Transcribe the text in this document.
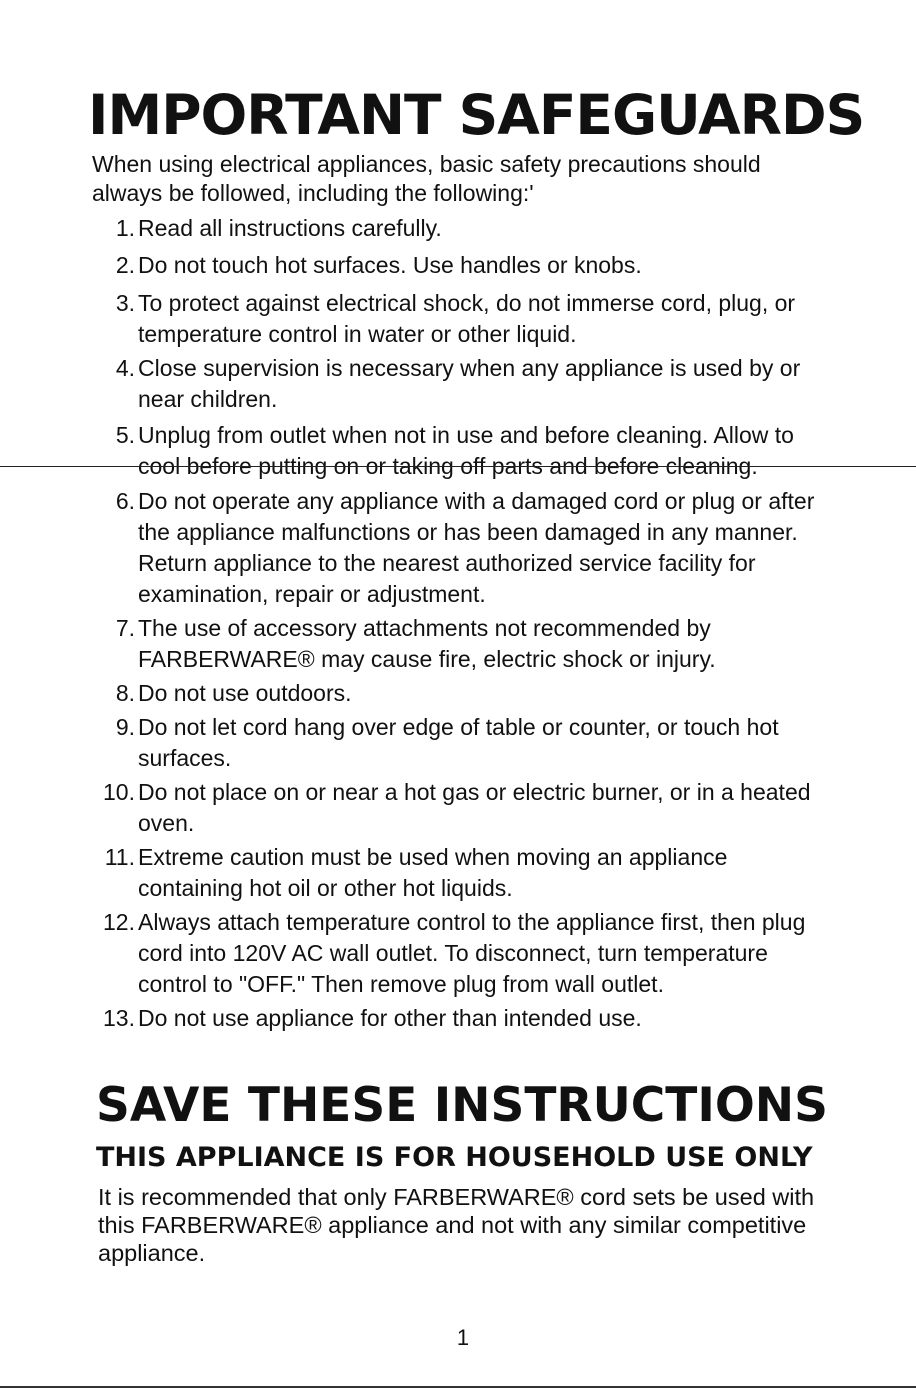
IMPORTANT SAFEGUARDS

When using electrical appliances, basic safety precautions should always be followed, including the following:'

1. Read all instructions carefully.
2. Do not touch hot surfaces. Use handles or knobs.
3. To protect against electrical shock, do not immerse cord, plug, or temperature control in water or other liquid.
4. Close supervision is necessary when any appliance is used by or near children.
5. Unplug from outlet when not in use and before cleaning. Allow to cool before putting on or taking off parts and before cleaning.
6. Do not operate any appliance with a damaged cord or plug or after the appliance malfunctions or has been damaged in any manner. Return appliance to the nearest authorized service facility for examination, repair or adjustment.
7. The use of accessory attachments not recommended by FARBERWARE® may cause fire, electric shock or injury.
8. Do not use outdoors.
9. Do not let cord hang over edge of table or counter, or touch hot surfaces.
10. Do not place on or near a hot gas or electric burner, or in a heated oven.
11. Extreme caution must be used when moving an appliance containing hot oil or other hot liquids.
12. Always attach temperature control to the appliance first, then plug cord into 120V AC wall outlet. To disconnect, turn temperature control to "OFF." Then remove plug from wall outlet.
13. Do not use appliance for other than intended use.
SAVE THESE INSTRUCTIONS
THIS APPLIANCE IS FOR HOUSEHOLD USE ONLY

It is recommended that only FARBERWARE® cord sets be used with this FARBERWARE® appliance and not with any similar competitive appliance.

1
